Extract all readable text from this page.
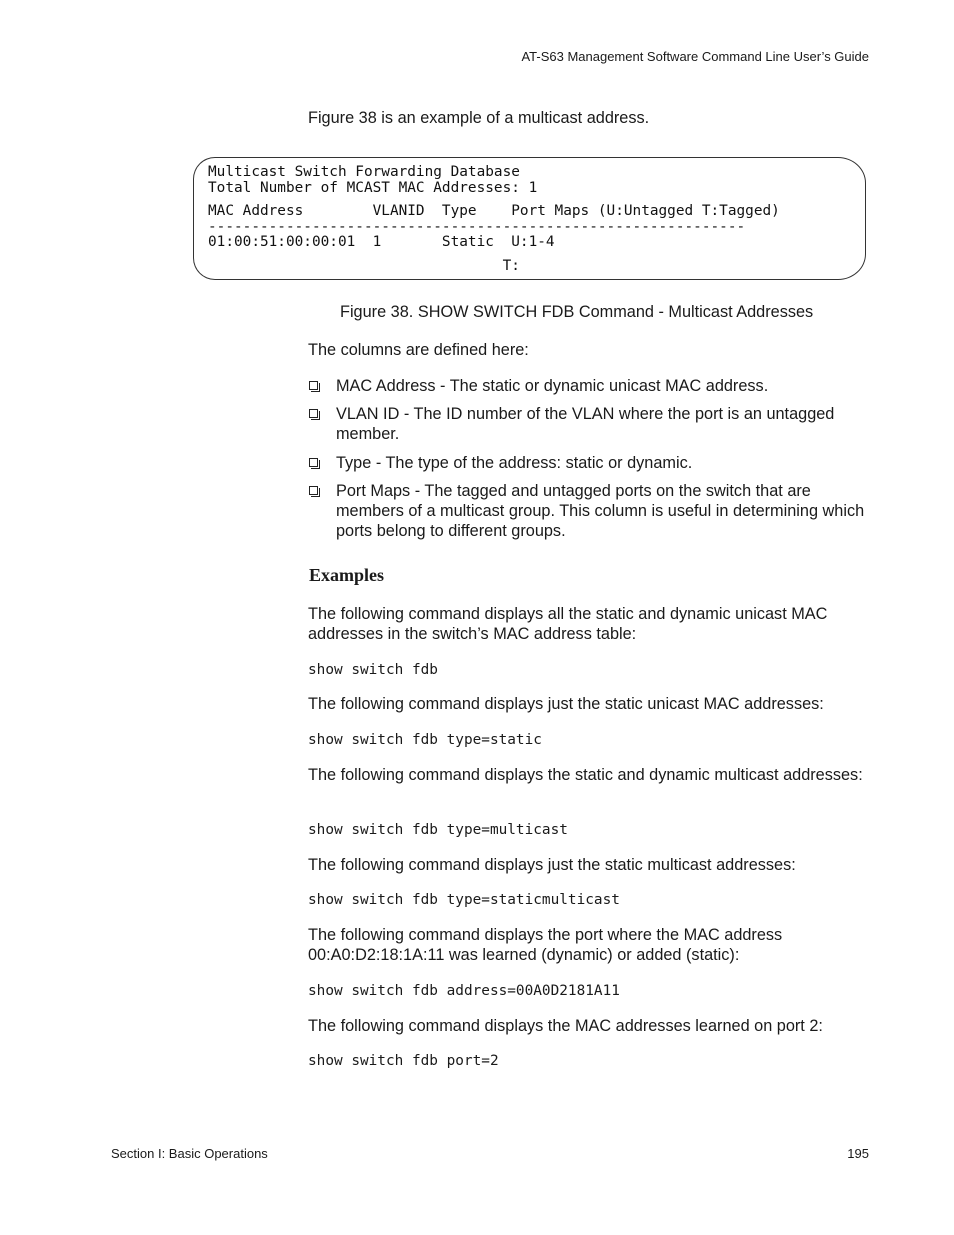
AT-S63 Management Software Command Line User’s Guide
Figure 38 is an example of a multicast address.
Multicast Switch Forwarding Database
Total Number of MCAST MAC Addresses: 1
MAC Address        VLANID  Type    Port Maps (U:Untagged T:Tagged)
--------------------------------------------------------------
01:00:51:00:00:01  1       Static  U:1-4
T:
Figure 38. SHOW SWITCH FDB Command - Multicast Addresses
The columns are defined here:
MAC Address - The static or dynamic unicast MAC address.
VLAN ID - The ID number of the VLAN where the port is an untagged member.
Type - The type of the address: static or dynamic.
Port Maps - The tagged and untagged ports on the switch that are members of a multicast group. This column is useful in determining which ports belong to different groups.
Examples
The following command displays all the static and dynamic unicast MAC addresses in the switch’s MAC address table:
show switch fdb
The following command displays just the static unicast MAC addresses:
show switch fdb type=static
The following command displays the static and dynamic multicast addresses:
show switch fdb type=multicast
The following command displays just the static multicast addresses:
show switch fdb type=staticmulticast
The following command displays the port where the MAC address 00:A0:D2:18:1A:11 was learned (dynamic) or added (static):
show switch fdb address=00A0D2181A11
The following command displays the MAC addresses learned on port 2:
show switch fdb port=2
Section I: Basic Operations	195
